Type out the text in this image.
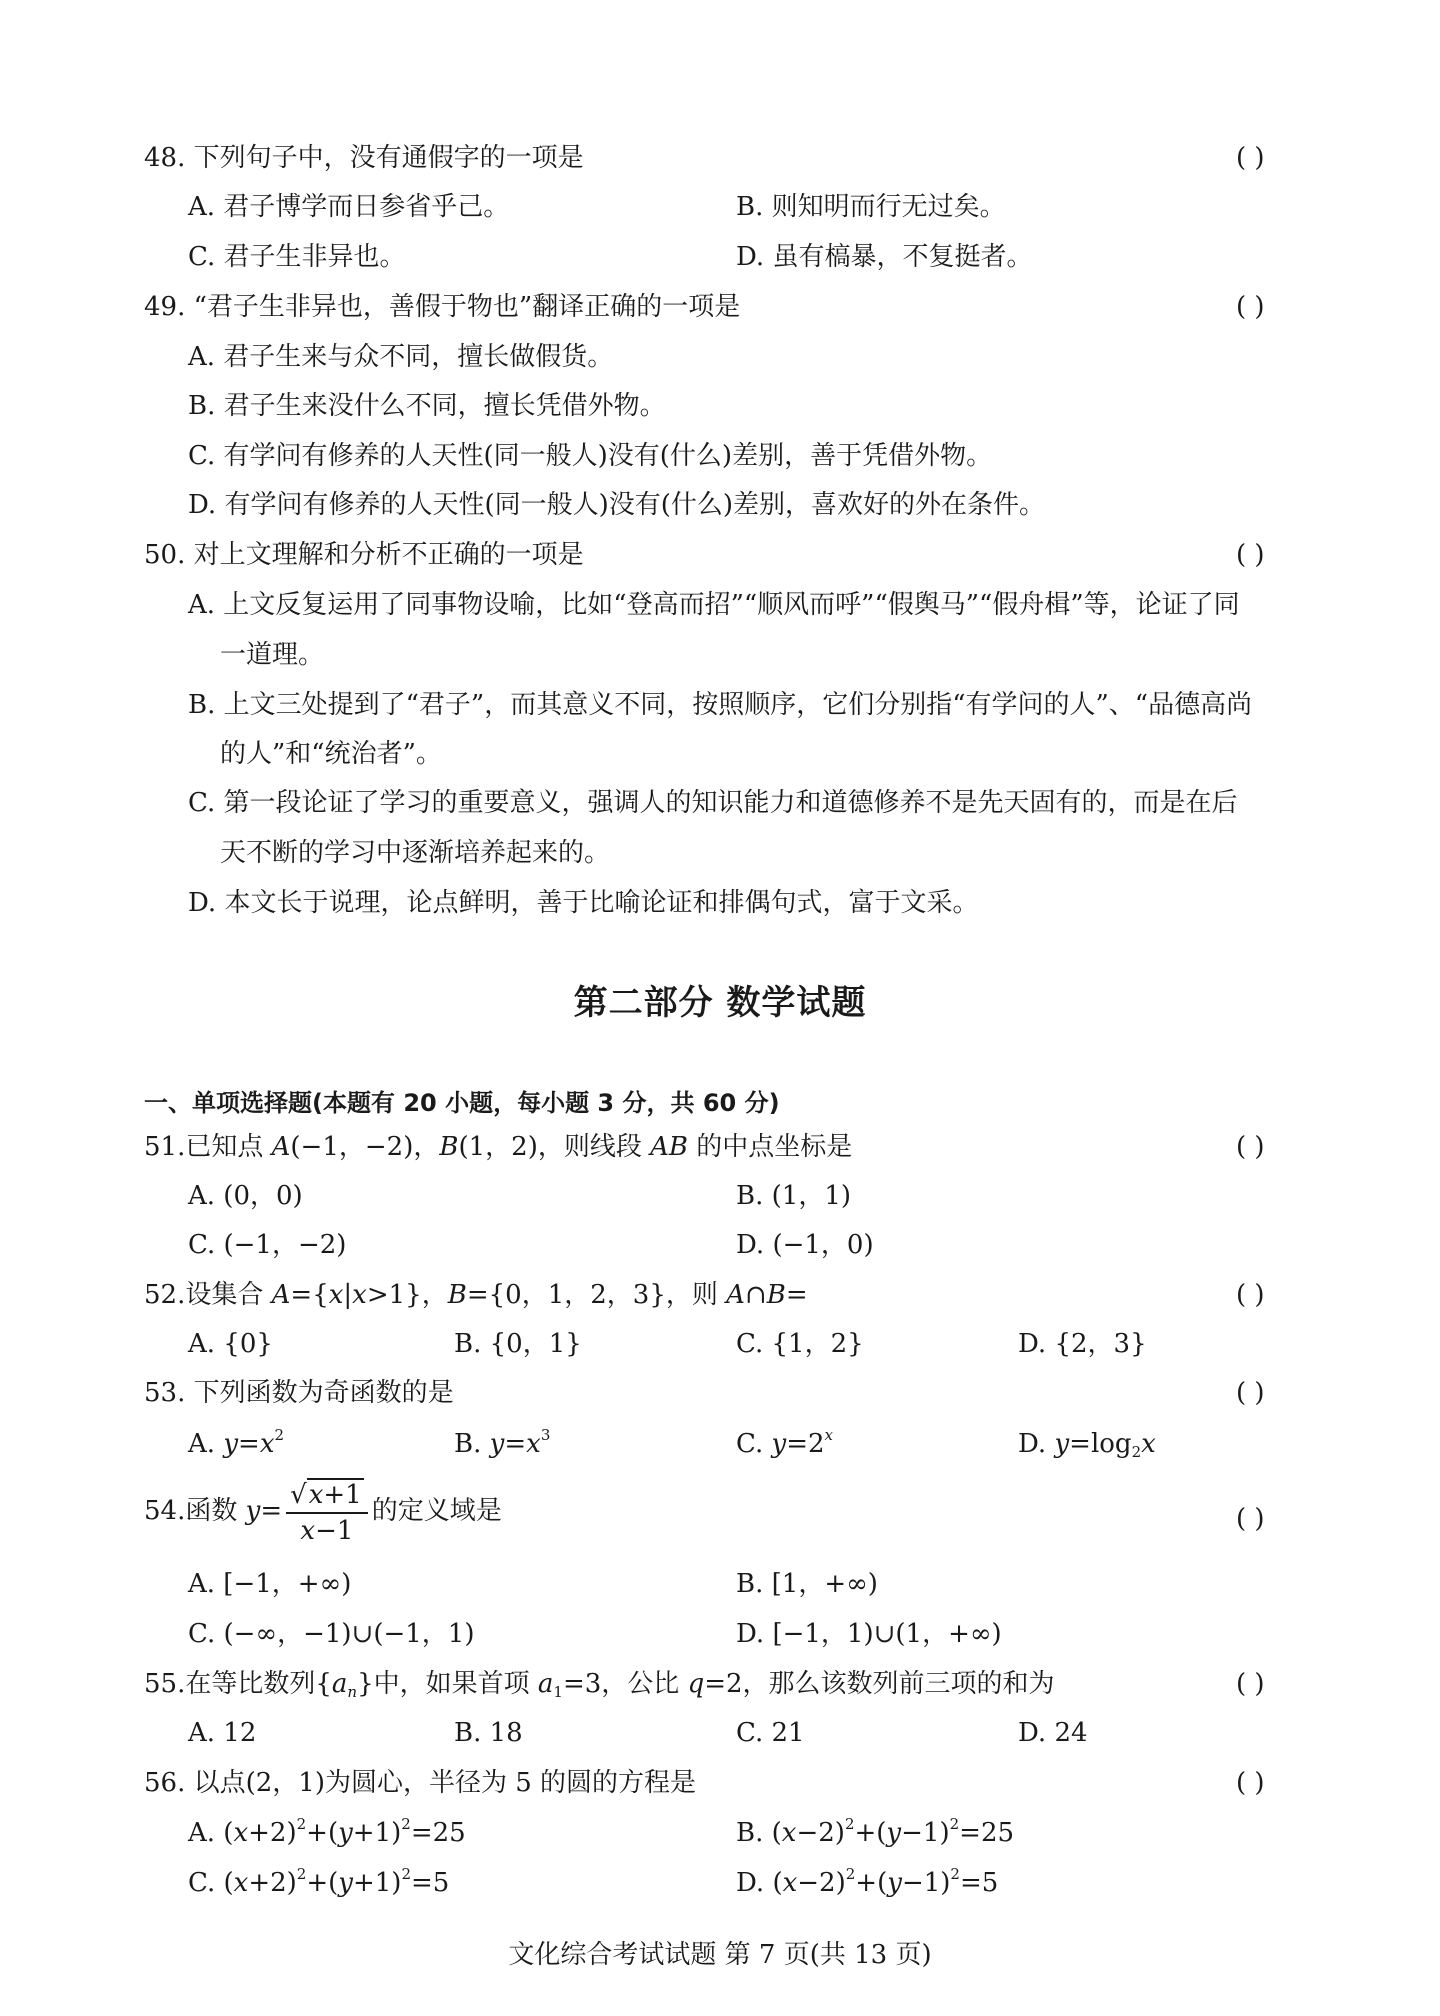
48. 下列句子中，没有通假字的一项是	( )
A. 君子博学而日参省乎己。	B. 则知明而行无过矣。
C. 君子生非异也。	D. 虽有槁暴，不复挺者。
49. “君子生非异也，善假于物也”翻译正确的一项是	( )
A. 君子生来与众不同，擅长做假货。
B. 君子生来没什么不同，擅长凭借外物。
C. 有学问有修养的人天性(同一般人)没有(什么)差别，善于凭借外物。
D. 有学问有修养的人天性(同一般人)没有(什么)差别，喜欢好的外在条件。
50. 对上文理解和分析不正确的一项是	( )
A. 上文反复运用了同事物设喻，比如“登高而招”“顺风而呼”“假舆马”“假舟楫”等，论证了同
一道理。
B. 上文三处提到了“君子”，而其意义不同，按照顺序，它们分别指“有学问的人”、“品德高尚
的人”和“统治者”。
C. 第一段论证了学习的重要意义，强调人的知识能力和道德修养不是先天固有的，而是在后
天不断的学习中逐渐培养起来的。
D. 本文长于说理，论点鲜明，善于比喻论证和排偶句式，富于文采。
第二部分 数学试题
一、单项选择题(本题有 20 小题，每小题 3 分，共 60 分)
51.已知点 A(−1，−2)，B(1，2)，则线段 AB 的中点坐标是	( )
A. (0，0)	B. (1，1)
C. (−1，−2)	D. (−1，0)
52.设集合 A={x|x>1}，B={0，1，2，3}，则 A∩B=	( )
A. {0}	B. {0，1}	C. {1，2}	D. {2，3}
53. 下列函数为奇函数的是	( )
A. $y=x^2$	B. $y=x^3$	C. $y=2^x$	D. $y=\log_2x$
54.函数 $y= \frac{√x+1}{x-1}$ 的定义域是	( )
A. [−1，+∞)	B. [1，+∞)
C. (−∞，−1)∪(−1，1)	D. [−1，1)∪(1，+∞)
55.在等比数列$\{a_n\}$中，如果首项 $a_1=3$，公比 q=2，那么该数列前三项的和为	( )
A. 12	B. 18	C. 21	D. 24
56. 以点(2，1)为圆心，半径为 5 的圆的方程是	( )
A. $(x+2)^2+(y+1)^2=25$	B. $(x-2)^2+(y-1)^2=25$
C. $(x+2)^2+(y+1)^2=5$	D. $(x-2)^2+(y-1)^2=5$
文化综合考试试题 第 7 页(共 13 页)
